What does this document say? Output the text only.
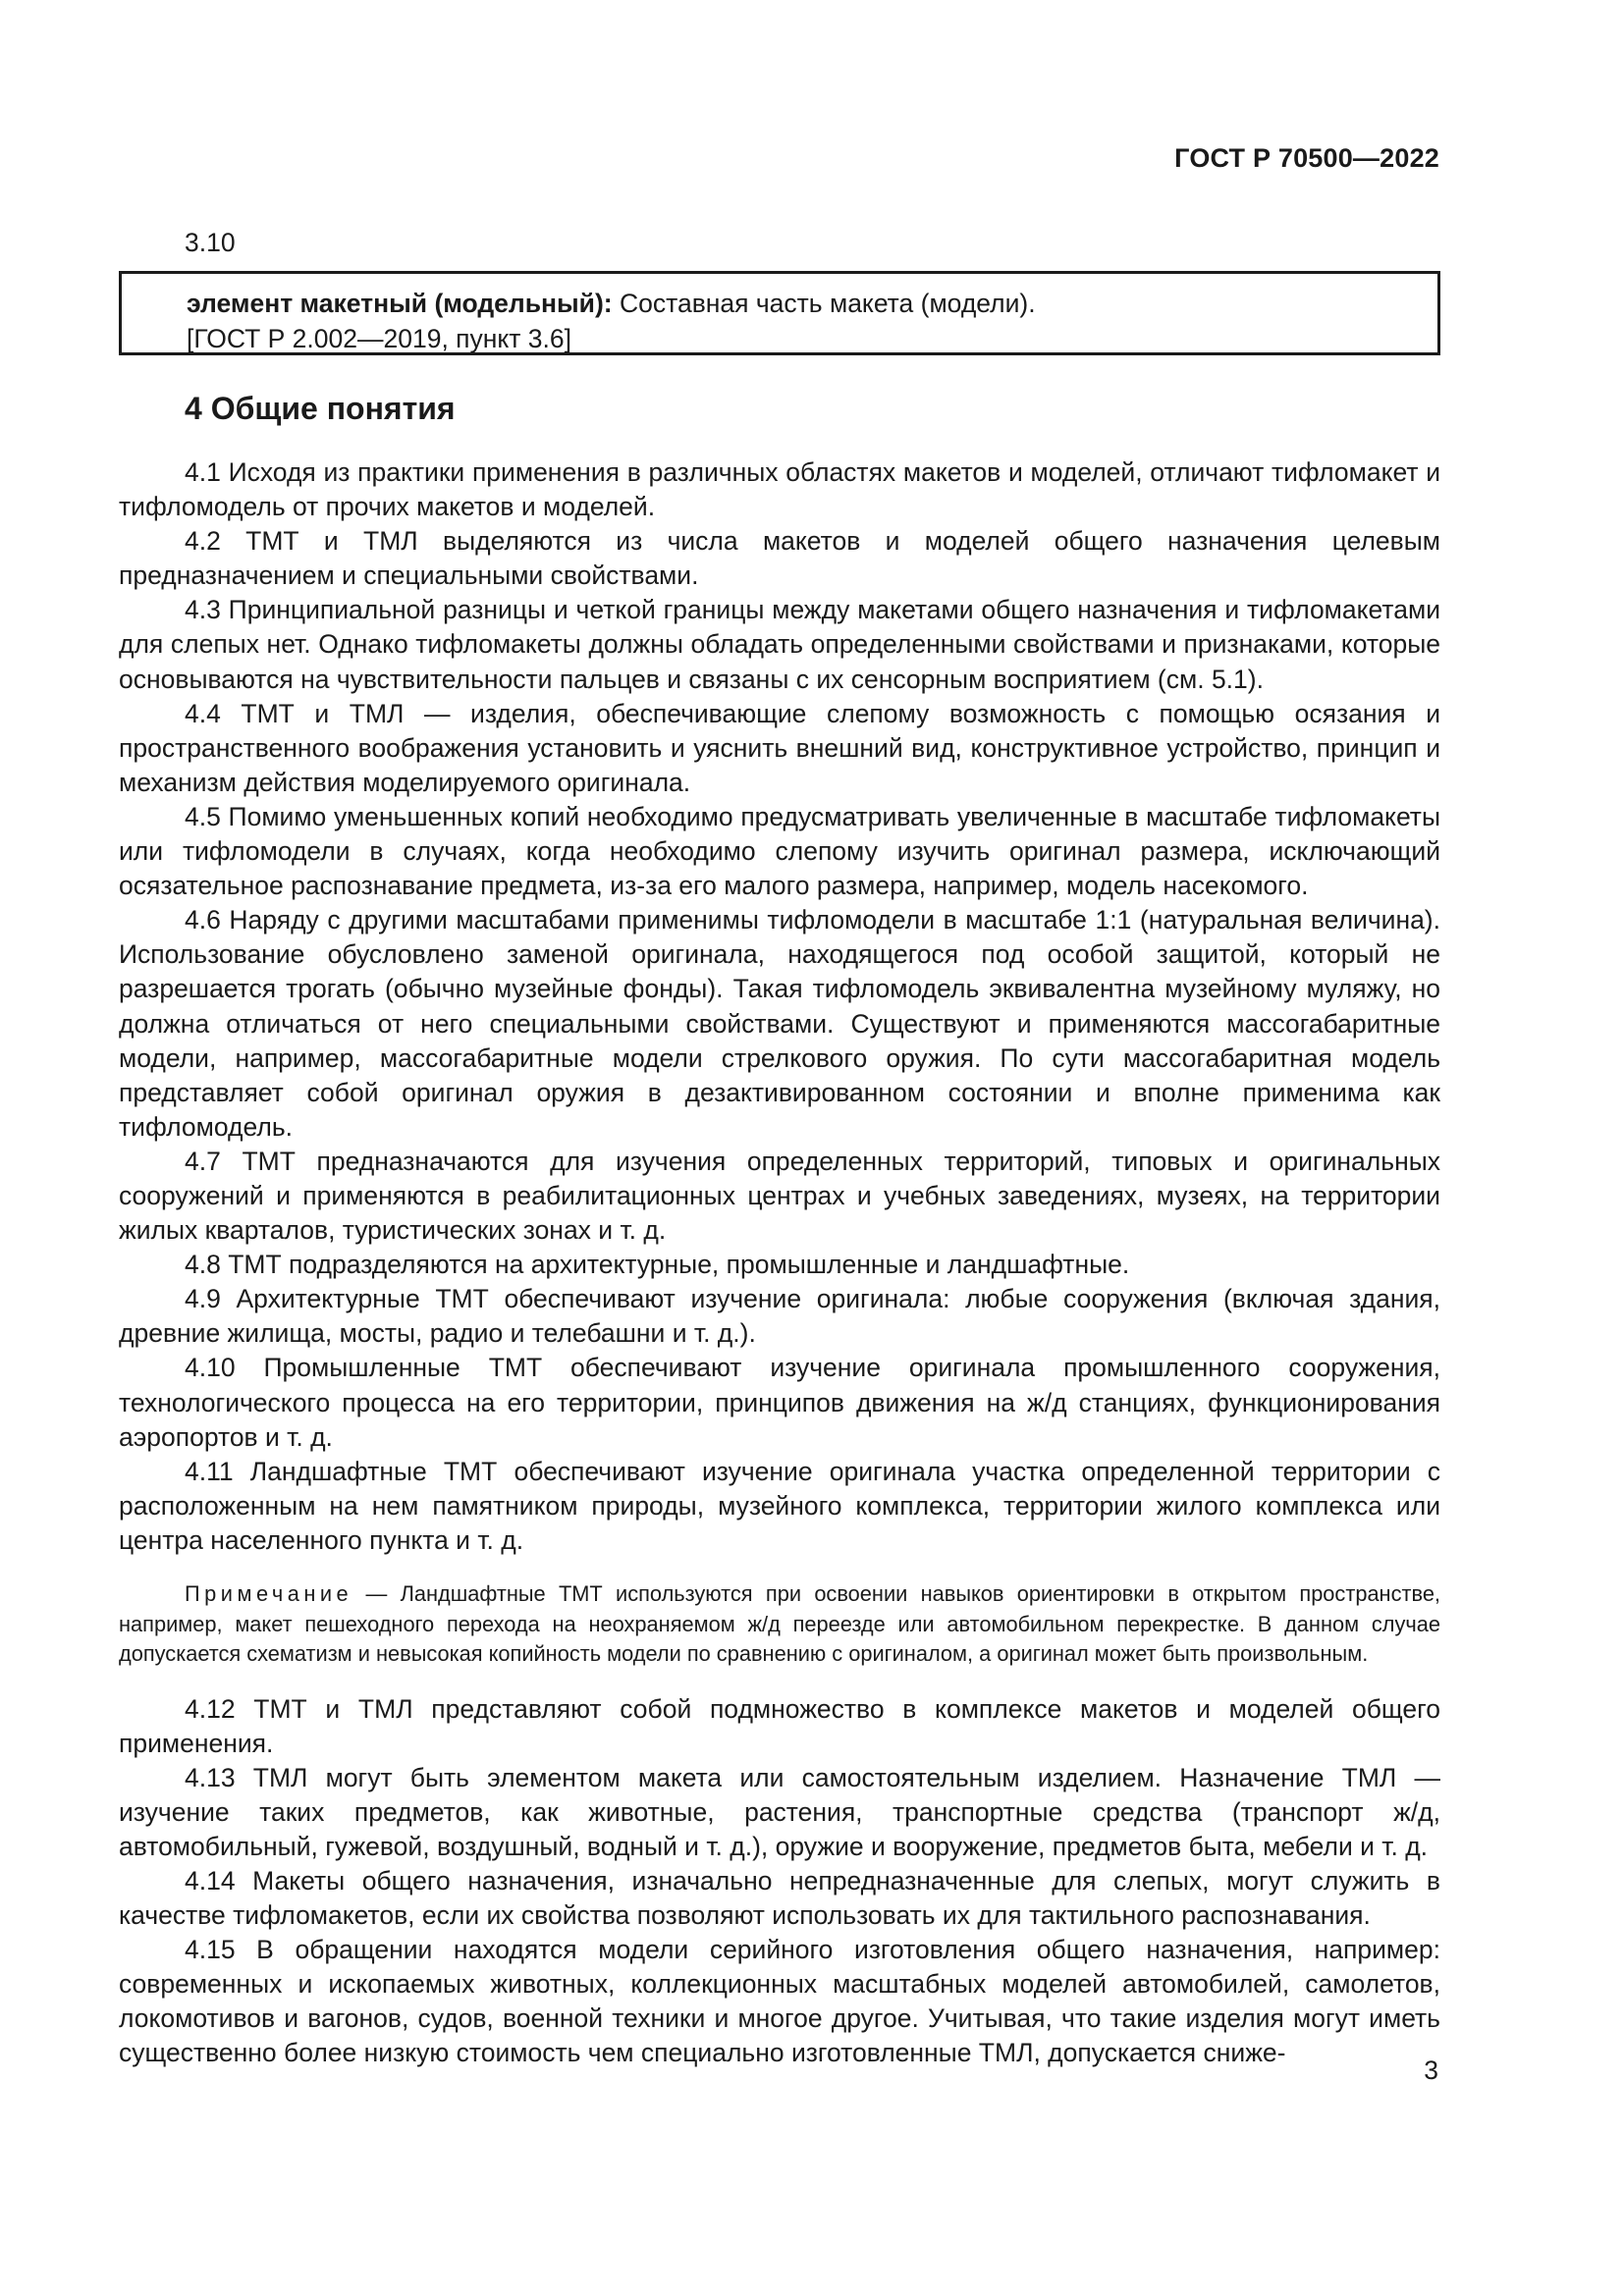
ГОСТ Р 70500—2022
3.10
элемент макетный (модельный): Составная часть макета (модели).
[ГОСТ Р 2.002—2019, пункт 3.6]
4 Общие понятия

4.1 Исходя из практики применения в различных областях макетов и моделей, отличают тифломакет и тифломодель от прочих макетов и моделей.

4.2 ТМТ и ТМЛ выделяются из числа макетов и моделей общего назначения целевым предназначением и специальными свойствами.

4.3 Принципиальной разницы и четкой границы между макетами общего назначения и тифломакетами для слепых нет. Однако тифломакеты должны обладать определенными свойствами и признаками, которые основываются на чувствительности пальцев и связаны с их сенсорным восприятием (см. 5.1).

4.4 ТМТ и ТМЛ — изделия, обеспечивающие слепому возможность с помощью осязания и пространственного воображения установить и уяснить внешний вид, конструктивное устройство, принцип и механизм действия моделируемого оригинала.

4.5 Помимо уменьшенных копий необходимо предусматривать увеличенные в масштабе тифломакеты или тифломодели в случаях, когда необходимо слепому изучить оригинал размера, исключающий осязательное распознавание предмета, из-за его малого размера, например, модель насекомого.

4.6 Наряду с другими масштабами применимы тифломодели в масштабе 1:1 (натуральная величина). Использование обусловлено заменой оригинала, находящегося под особой защитой, который не разрешается трогать (обычно музейные фонды). Такая тифломодель эквивалентна музейному муляжу, но должна отличаться от него специальными свойствами. Существуют и применяются массогабаритные модели, например, массогабаритные модели стрелкового оружия. По сути массогабаритная модель представляет собой оригинал оружия в дезактивированном состоянии и вполне применима как тифломодель.

4.7 ТМТ предназначаются для изучения определенных территорий, типовых и оригинальных сооружений и применяются в реабилитационных центрах и учебных заведениях, музеях, на территории жилых кварталов, туристических зонах и т. д.

4.8 ТМТ подразделяются на архитектурные, промышленные и ландшафтные.

4.9 Архитектурные ТМТ обеспечивают изучение оригинала: любые сооружения (включая здания, древние жилища, мосты, радио и телебашни и т. д.).

4.10 Промышленные ТМТ обеспечивают изучение оригинала промышленного сооружения, технологического процесса на его территории, принципов движения на ж/д станциях, функционирования аэропортов и т. д.

4.11 Ландшафтные ТМТ обеспечивают изучение оригинала участка определенной территории с расположенным на нем памятником природы, музейного комплекса, территории жилого комплекса или центра населенного пункта и т. д.

Примечание — Ландшафтные ТМТ используются при освоении навыков ориентировки в открытом пространстве, например, макет пешеходного перехода на неохраняемом ж/д переезде или автомобильном перекрестке. В данном случае допускается схематизм и невысокая копийность модели по сравнению с оригиналом, а оригинал может быть произвольным.

4.12 ТМТ и ТМЛ представляют собой подмножество в комплексе макетов и моделей общего применения.

4.13 ТМЛ могут быть элементом макета или самостоятельным изделием. Назначение ТМЛ — изучение таких предметов, как животные, растения, транспортные средства (транспорт ж/д, автомобильный, гужевой, воздушный, водный и т. д.), оружие и вооружение, предметов быта, мебели и т. д.

4.14 Макеты общего назначения, изначально непредназначенные для слепых, могут служить в качестве тифломакетов, если их свойства позволяют использовать их для тактильного распознавания.

4.15 В обращении находятся модели серийного изготовления общего назначения, например: современных и ископаемых животных, коллекционных масштабных моделей автомобилей, самолетов, локомотивов и вагонов, судов, военной техники и многое другое. Учитывая, что такие изделия могут иметь существенно более низкую стоимость чем специально изготовленные ТМЛ, допускается сниже-

3
